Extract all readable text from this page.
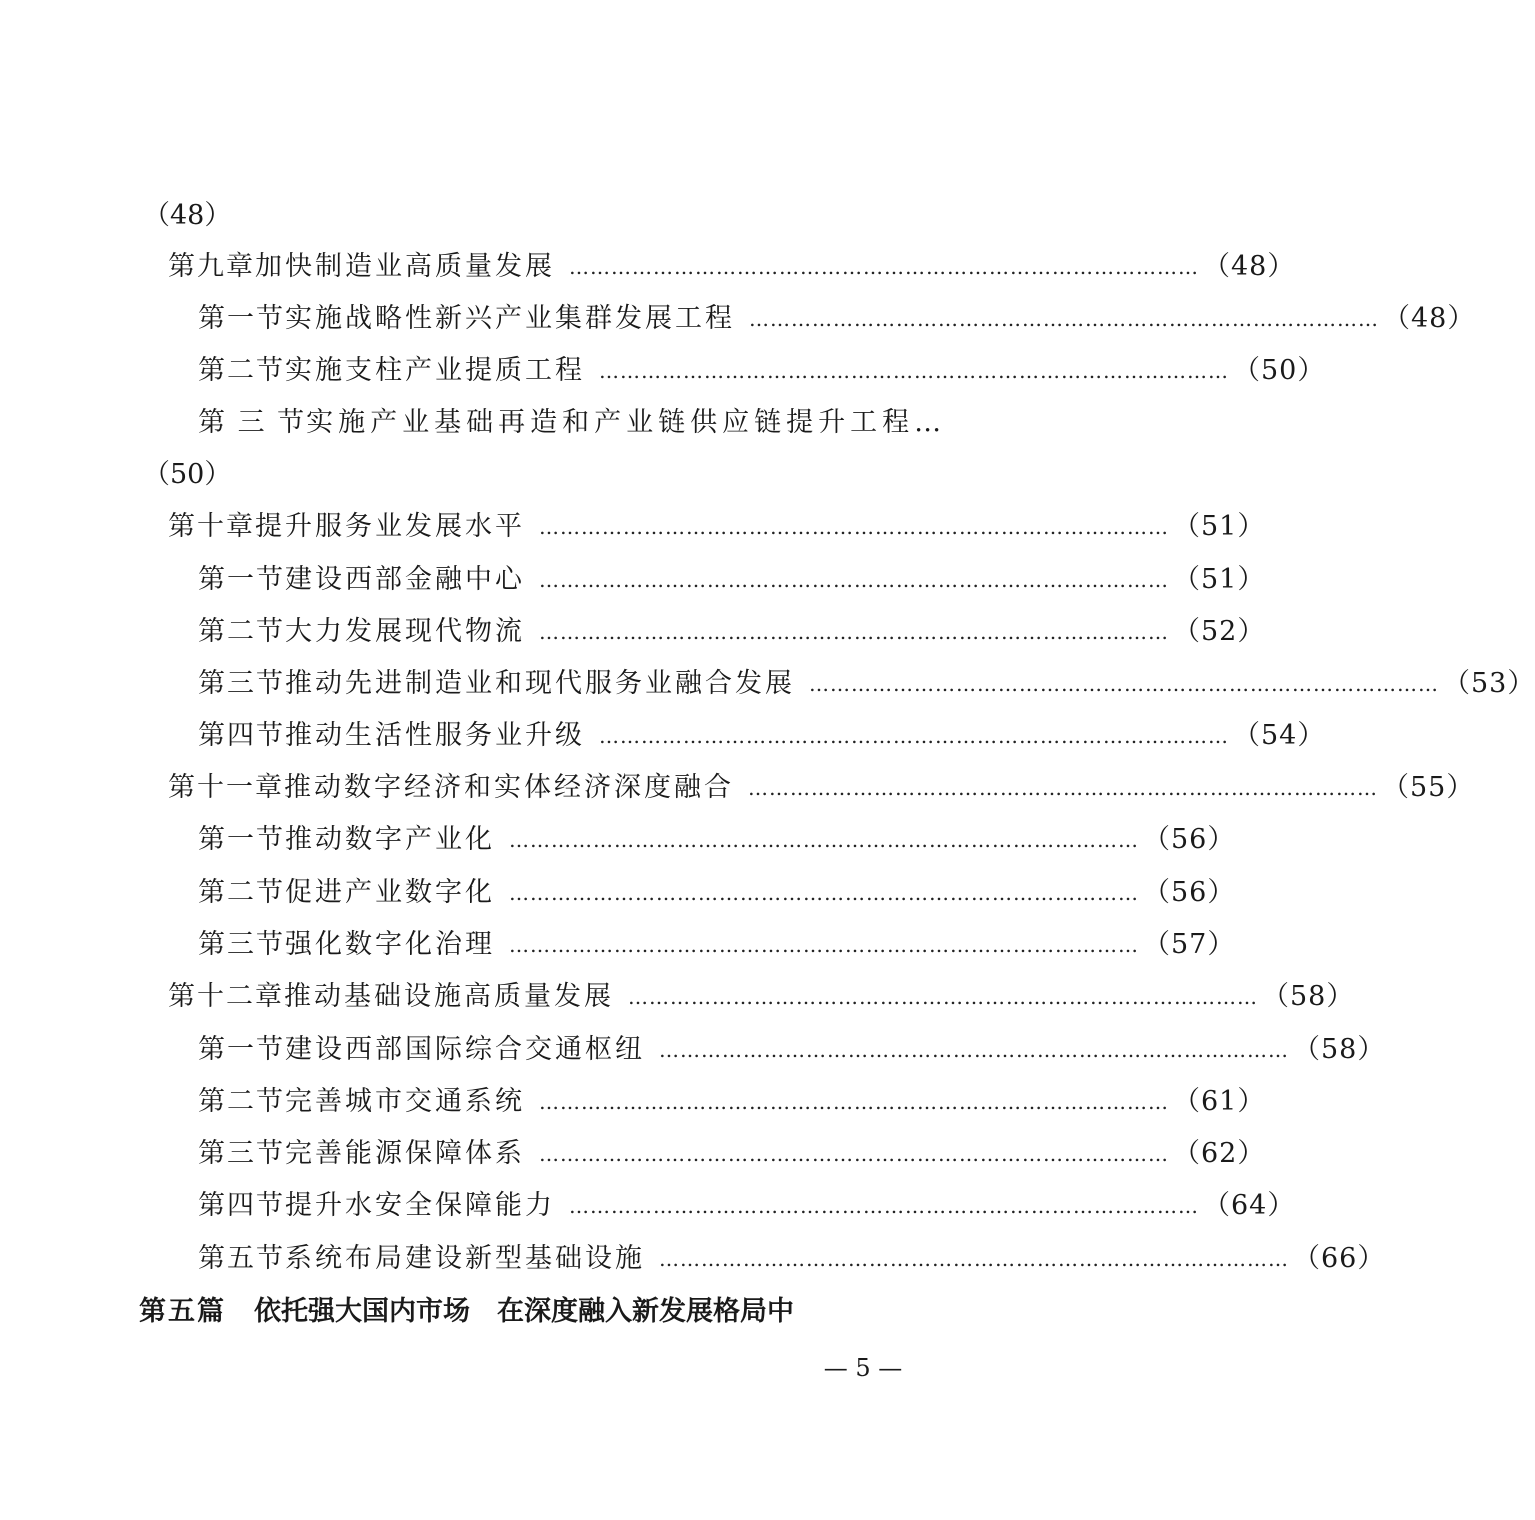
（48）
第九章 加快制造业高质量发展 ……………………………………………………………………………… （48）
第一节 实施战略性新兴产业集群发展工程 ……………………………………………………………………………… （48）
第二节 实施支柱产业提质工程 ……………………………………………………………………………… （50）
第 三 节 实施产业基础再造和产业链供应链提升工程…
（50）
第十章 提升服务业发展水平 ……………………………………………………………………………… （51）
第一节 建设西部金融中心 ……………………………………………………………………………… （51）
第二节 大力发展现代物流 ……………………………………………………………………………… （52）
第三节 推动先进制造业和现代服务业融合发展 ……………………………………………………………………………… （53）
第四节 推动生活性服务业升级 ……………………………………………………………………………… （54）
第十一章 推动数字经济和实体经济深度融合 ……………………………………………………………………………… （55）
第一节 推动数字产业化 ……………………………………………………………………………… （56）
第二节 促进产业数字化 ……………………………………………………………………………… （56）
第三节 强化数字化治理 ……………………………………………………………………………… （57）
第十二章 推动基础设施高质量发展 ……………………………………………………………………………… （58）
第一节 建设西部国际综合交通枢纽 ……………………………………………………………………………… （58）
第二节 完善城市交通系统 ……………………………………………………………………………… （61）
第三节 完善能源保障体系 ……………………………………………………………………………… （62）
第四节 提升水安全保障能力 ……………………………………………………………………………… （64）
第五节 系统布局建设新型基础设施 ……………………………………………………………………………… （66）
第五篇 依托强大国内市场　在深度融入新发展格局中
— 5 —
